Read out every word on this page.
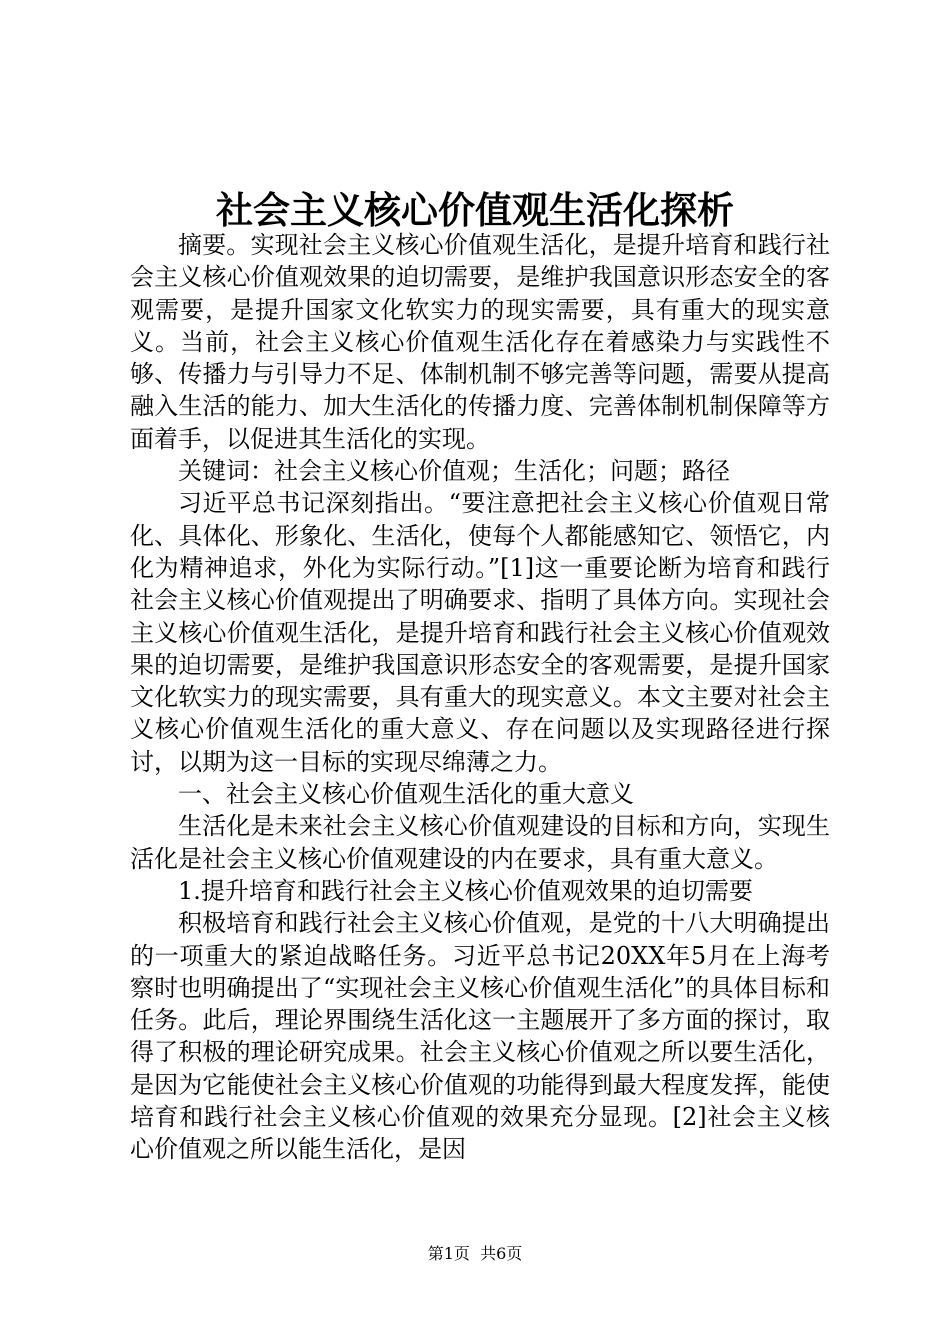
社会主义核心价值观生活化探析

摘要。实现社会主义核心价值观生活化，是提升培育和践行社会主义核心价值观效果的迫切需要，是维护我国意识形态安全的客观需要，是提升国家文化软实力的现实需要，具有重大的现实意义。当前，社会主义核心价值观生活化存在着感染力与实践性不够、传播力与引导力不足、体制机制不够完善等问题，需要从提高融入生活的能力、加大生活化的传播力度、完善体制机制保障等方面着手，以促进其生活化的实现。

关键词：社会主义核心价值观；生活化；问题；路径

习近平总书记深刻指出。“要注意把社会主义核心价值观日常化、具体化、形象化、生活化，使每个人都能感知它、领悟它，内化为精神追求，外化为实际行动。”[1]这一重要论断为培育和践行社会主义核心价值观提出了明确要求、指明了具体方向。实现社会主义核心价值观生活化，是提升培育和践行社会主义核心价值观效果的迫切需要，是维护我国意识形态安全的客观需要，是提升国家文化软实力的现实需要，具有重大的现实意义。本文主要对社会主义核心价值观生活化的重大意义、存在问题以及实现路径进行探讨，以期为这一目标的实现尽绵薄之力。

一、社会主义核心价值观生活化的重大意义

生活化是未来社会主义核心价值观建设的目标和方向，实现生活化是社会主义核心价值观建设的内在要求，具有重大意义。

1.提升培育和践行社会主义核心价值观效果的迫切需要

积极培育和践行社会主义核心价值观，是党的十八大明确提出的一项重大的紧迫战略任务。习近平总书记20XX年5月在上海考察时也明确提出了“实现社会主义核心价值观生活化”的具体目标和任务。此后，理论界围绕生活化这一主题展开了多方面的探讨，取得了积极的理论研究成果。社会主义核心价值观之所以要生活化，是因为它能使社会主义核心价值观的功能得到最大程度发挥，能使培育和践行社会主义核心价值观的效果充分显现。[2]社会主义核心价值观之所以能生活化，是因

第1页 共6页
